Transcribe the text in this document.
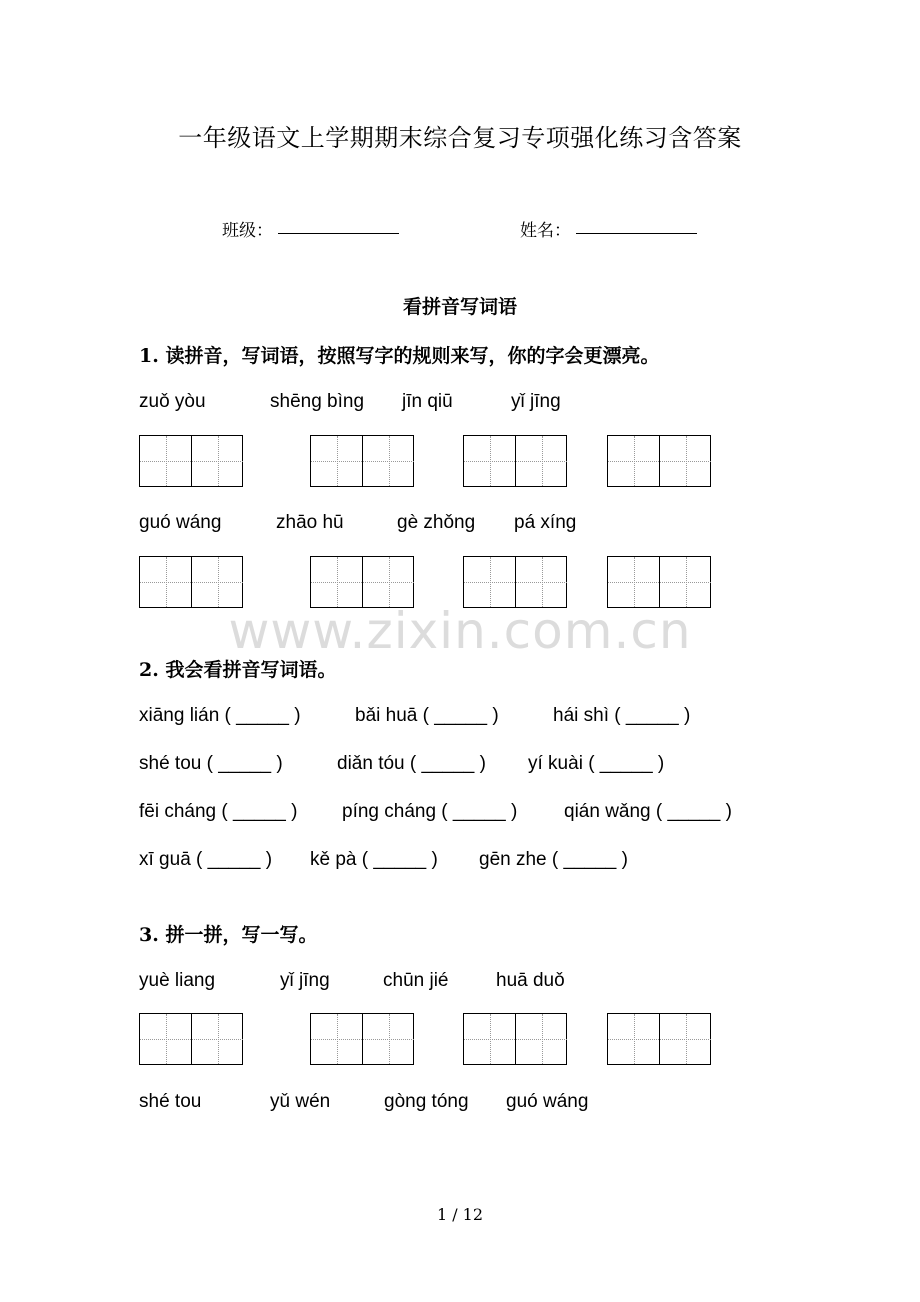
一年级语文上学期期末综合复习专项强化练习含答案
班级：	姓名：
看拼音写词语
1. 读拼音，写词语，按照写字的规则来写，你的字会更漂亮。
zuǒ yòu	shēng bìng jīn qiū	yǐ jīng
guó wáng	zhāo hū	gè zhǒng pá xíng
www.zixin.com.cn
2. 我会看拼音写词语。
xiāng lián ( _____ )	bǎi huā ( _____ )	hái shì ( _____ )
shé tou ( _____ )	diǎn tóu ( _____ ) yí kuài ( _____ )
fēi cháng ( _____ ) píng cháng ( _____ ) qián wǎng ( _____ )
xī guā ( _____ ) kě pà ( _____ ) gēn zhe ( _____ )
3. 拼一拼，写一写。
yuè liang	yǐ jīng	chūn jié	huā duǒ
shé tou	yǔ wén	gòng tóng guó wáng
1 / 12
